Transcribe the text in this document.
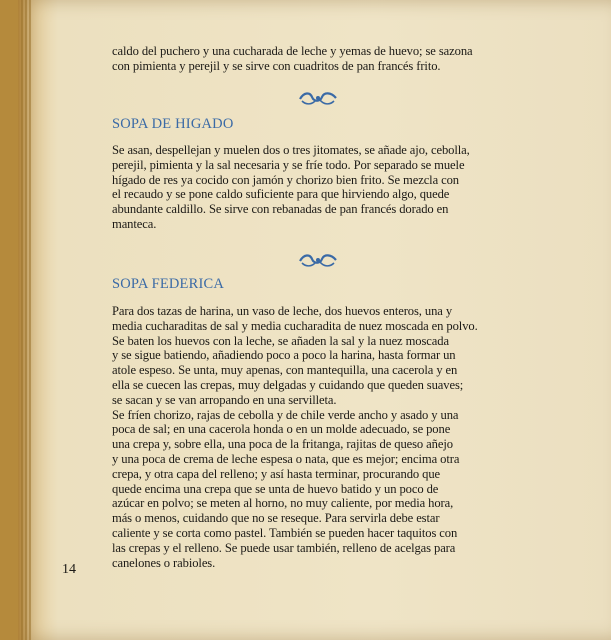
caldo del puchero y una cucharada de leche y yemas de huevo; se sazona
con pimienta y perejil y se sirve con cuadritos de pan francés frito.
SOPA DE HIGADO
Se asan, despellejan y muelen dos o tres jitomates, se añade ajo, cebolla,
perejil, pimienta y la sal necesaria y se fríe todo. Por separado se muele
hígado de res ya cocido con jamón y chorizo bien frito. Se mezcla con
el recaudo y se pone caldo suficiente para que hirviendo algo, quede
abundante caldillo. Se sirve con rebanadas de pan francés dorado en
manteca.
SOPA FEDERICA
Para dos tazas de harina, un vaso de leche, dos huevos enteros, una y
media cucharaditas de sal y media cucharadita de nuez moscada en polvo.
Se baten los huevos con la leche, se añaden la sal y la nuez moscada
y se sigue batiendo, añadiendo poco a poco la harina, hasta formar un
atole espeso. Se unta, muy apenas, con mantequilla, una cacerola y en
ella se cuecen las crepas, muy delgadas y cuidando que queden suaves;
se sacan y se van arropando en una servilleta.
Se fríen chorizo, rajas de cebolla y de chile verde ancho y asado y una
poca de sal; en una cacerola honda o en un molde adecuado, se pone
una crepa y, sobre ella, una poca de la fritanga, rajitas de queso añejo
y una poca de crema de leche espesa o nata, que es mejor; encima otra
crepa, y otra capa del relleno; y así hasta terminar, procurando que
quede encima una crepa que se unta de huevo batido y un poco de
azúcar en polvo; se meten al horno, no muy caliente, por media hora,
más o menos, cuidando que no se reseque. Para servirla debe estar
caliente y se corta como pastel. También se pueden hacer taquitos con
las crepas y el relleno. Se puede usar también, relleno de acelgas para
canelones o rabioles.
14
